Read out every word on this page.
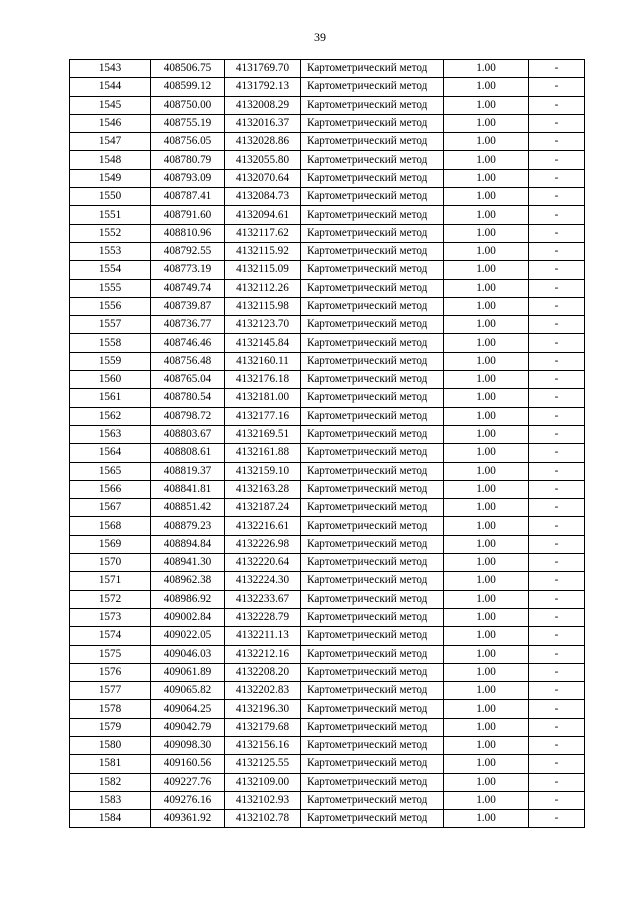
39
1543	408506.75	4131769.70	Картометрический метод	1.00	-
1544	408599.12	4131792.13	Картометрический метод	1.00	-
1545	408750.00	4132008.29	Картометрический метод	1.00	-
1546	408755.19	4132016.37	Картометрический метод	1.00	-
1547	408756.05	4132028.86	Картометрический метод	1.00	-
1548	408780.79	4132055.80	Картометрический метод	1.00	-
1549	408793.09	4132070.64	Картометрический метод	1.00	-
1550	408787.41	4132084.73	Картометрический метод	1.00	-
1551	408791.60	4132094.61	Картометрический метод	1.00	-
1552	408810.96	4132117.62	Картометрический метод	1.00	-
1553	408792.55	4132115.92	Картометрический метод	1.00	-
1554	408773.19	4132115.09	Картометрический метод	1.00	-
1555	408749.74	4132112.26	Картометрический метод	1.00	-
1556	408739.87	4132115.98	Картометрический метод	1.00	-
1557	408736.77	4132123.70	Картометрический метод	1.00	-
1558	408746.46	4132145.84	Картометрический метод	1.00	-
1559	408756.48	4132160.11	Картометрический метод	1.00	-
1560	408765.04	4132176.18	Картометрический метод	1.00	-
1561	408780.54	4132181.00	Картометрический метод	1.00	-
1562	408798.72	4132177.16	Картометрический метод	1.00	-
1563	408803.67	4132169.51	Картометрический метод	1.00	-
1564	408808.61	4132161.88	Картометрический метод	1.00	-
1565	408819.37	4132159.10	Картометрический метод	1.00	-
1566	408841.81	4132163.28	Картометрический метод	1.00	-
1567	408851.42	4132187.24	Картометрический метод	1.00	-
1568	408879.23	4132216.61	Картометрический метод	1.00	-
1569	408894.84	4132226.98	Картометрический метод	1.00	-
1570	408941.30	4132220.64	Картометрический метод	1.00	-
1571	408962.38	4132224.30	Картометрический метод	1.00	-
1572	408986.92	4132233.67	Картометрический метод	1.00	-
1573	409002.84	4132228.79	Картометрический метод	1.00	-
1574	409022.05	4132211.13	Картометрический метод	1.00	-
1575	409046.03	4132212.16	Картометрический метод	1.00	-
1576	409061.89	4132208.20	Картометрический метод	1.00	-
1577	409065.82	4132202.83	Картометрический метод	1.00	-
1578	409064.25	4132196.30	Картометрический метод	1.00	-
1579	409042.79	4132179.68	Картометрический метод	1.00	-
1580	409098.30	4132156.16	Картометрический метод	1.00	-
1581	409160.56	4132125.55	Картометрический метод	1.00	-
1582	409227.76	4132109.00	Картометрический метод	1.00	-
1583	409276.16	4132102.93	Картометрический метод	1.00	-
1584	409361.92	4132102.78	Картометрический метод	1.00	-
